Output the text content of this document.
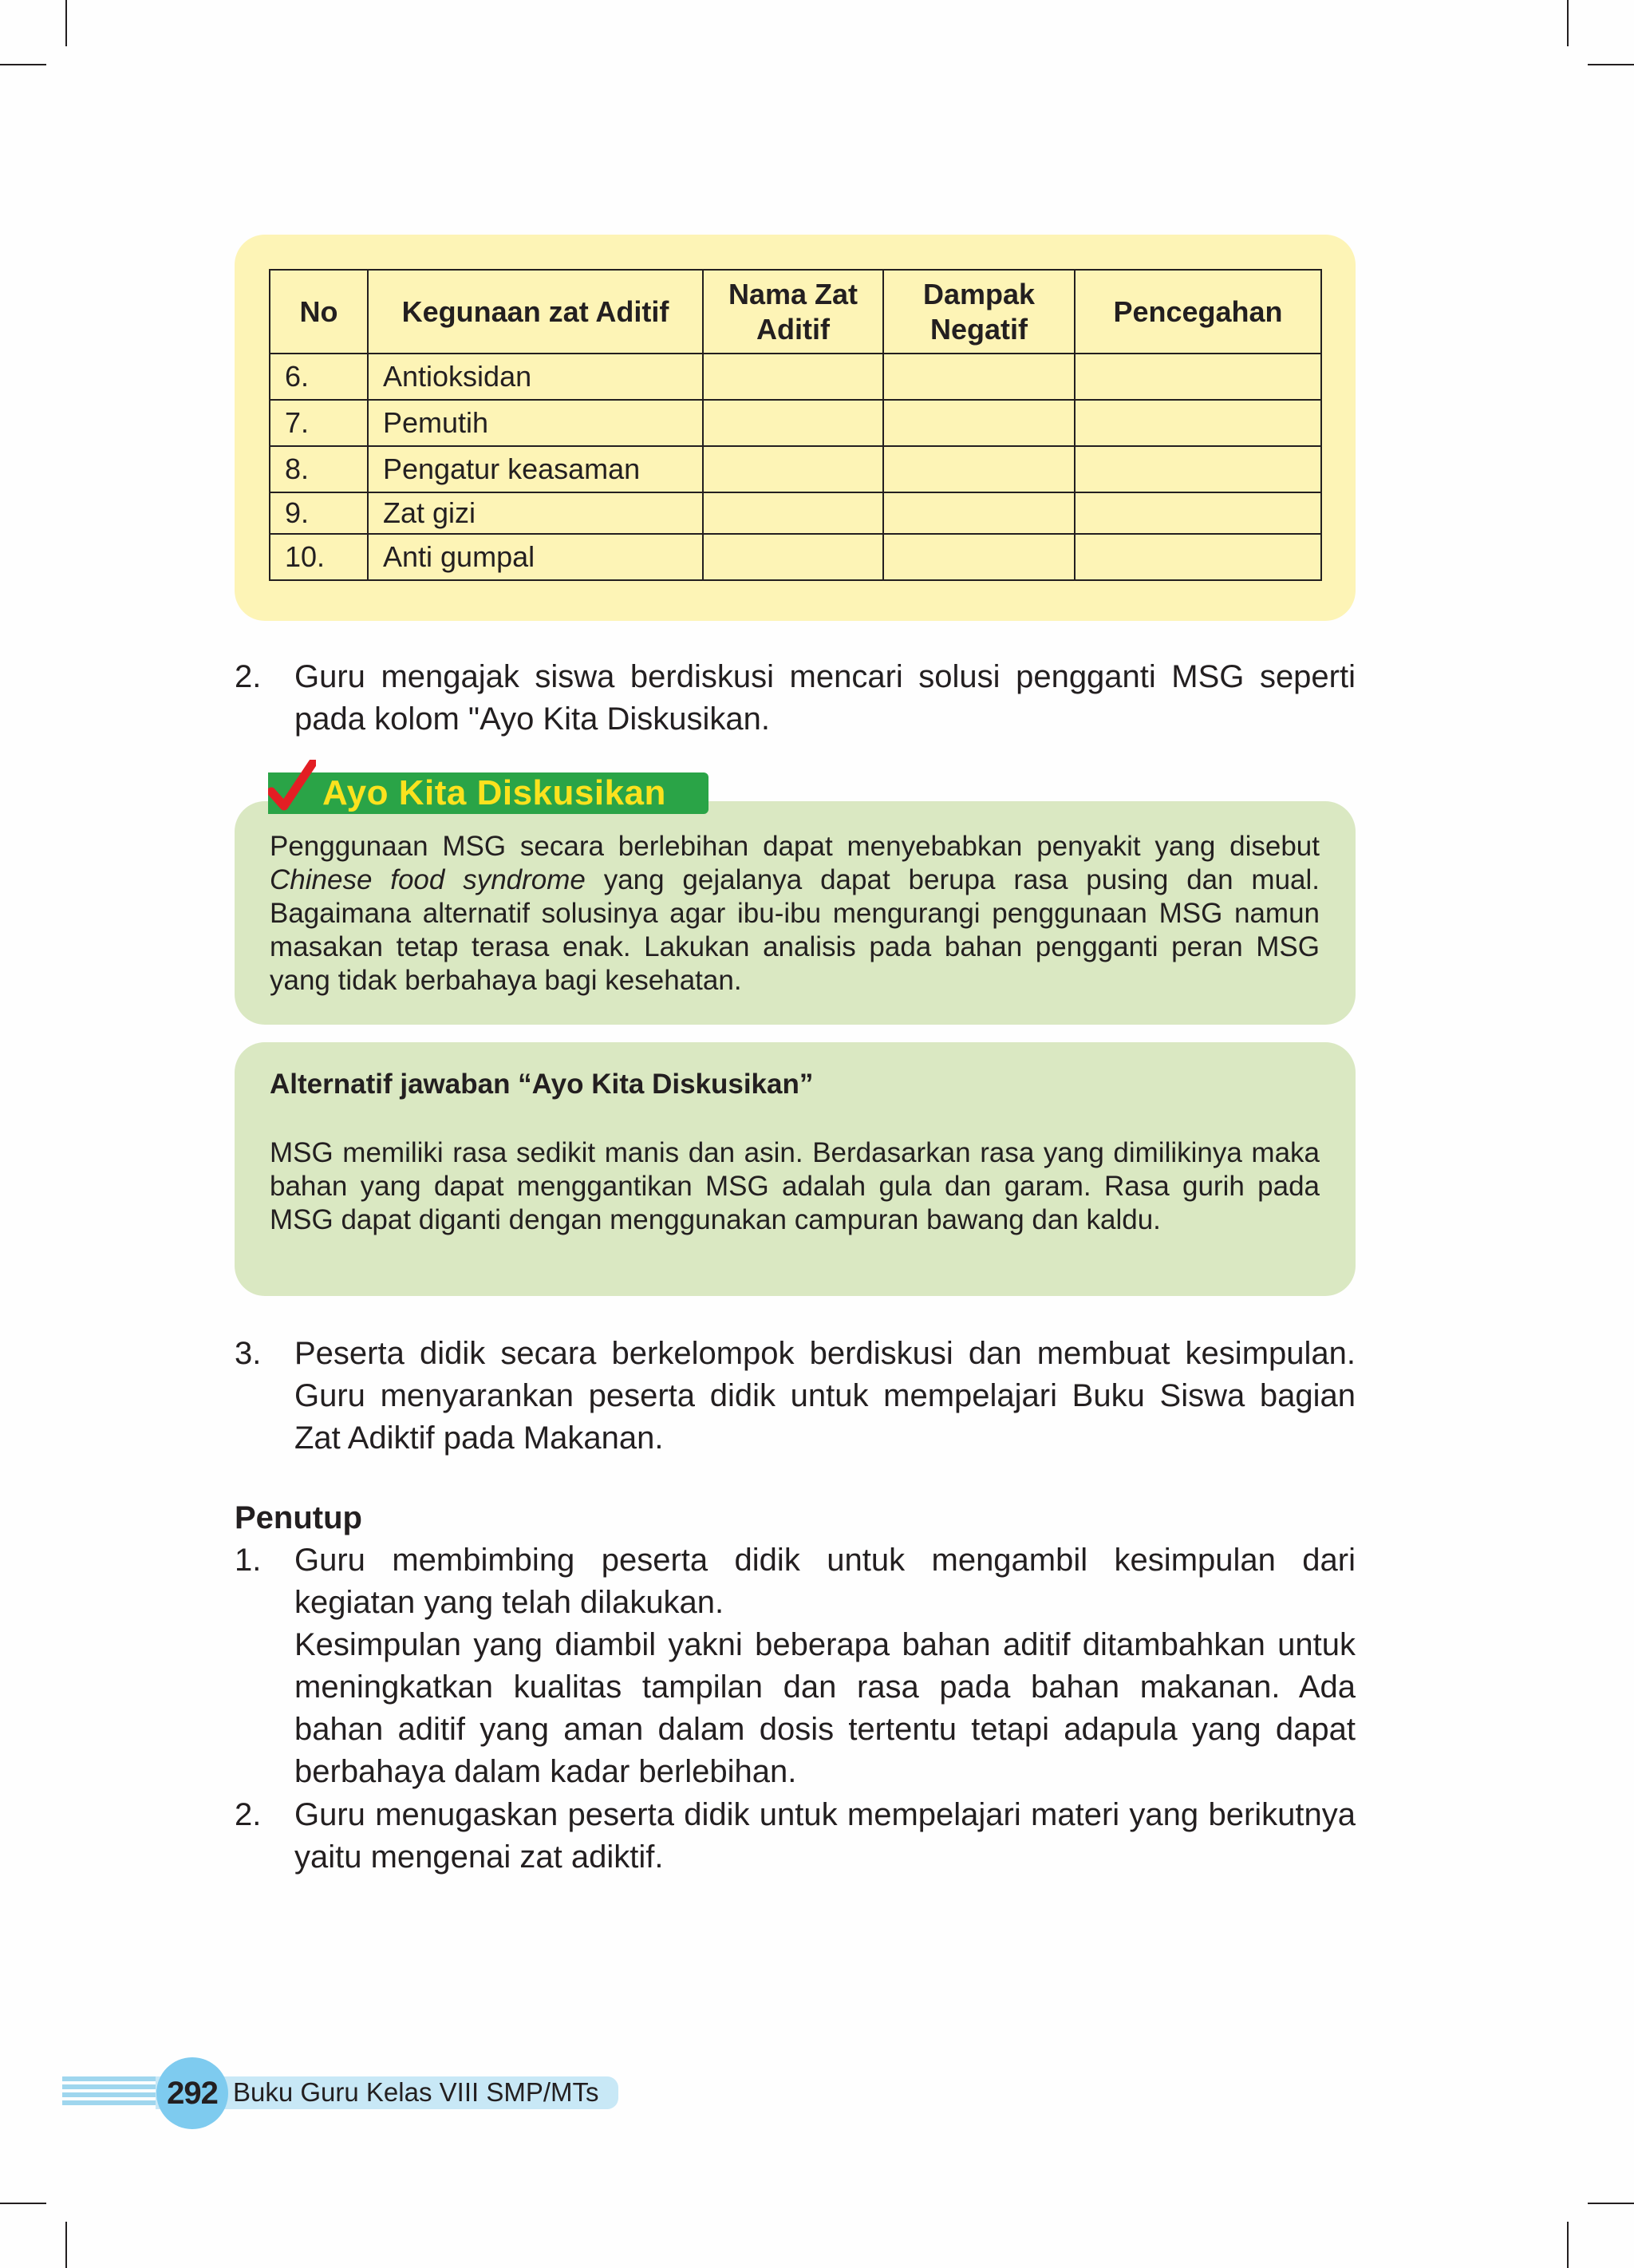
No	Kegunaan zat Aditif	Nama Zat Aditif	Dampak Negatif	Pencegahan
6.	Antioksidan			
7.	Pemutih			
8.	Pengatur keasaman			
9.	Zat gizi			
10.	Anti gumpal			
2. Guru mengajak siswa berdiskusi mencari solusi pengganti MSG seperti pada kolom "Ayo Kita Diskusikan.

Penggunaan MSG secara berlebihan dapat menyebabkan penyakit yang disebut Chinese food syndrome yang gejalanya dapat berupa rasa pusing dan mual. Bagaimana alternatif solusinya agar ibu-ibu mengurangi penggunaan MSG namun masakan tetap terasa enak. Lakukan analisis pada bahan pengganti peran MSG yang tidak berbahaya bagi kesehatan.
Ayo Kita Diskusikan
Alternatif jawaban “Ayo Kita Diskusikan”
MSG memiliki rasa sedikit manis dan asin. Berdasarkan rasa yang dimilikinya maka bahan yang dapat menggantikan MSG adalah gula dan garam. Rasa gurih pada MSG dapat diganti dengan menggunakan campuran bawang dan kaldu.
3. Peserta didik secara berkelompok berdiskusi dan membuat kesimpulan. Guru menyarankan peserta didik untuk mempelajari Buku Siswa bagian Zat Adiktif pada Makanan.

Penutup
1. Guru membimbing peserta didik untuk mengambil kesimpulan dari kegiatan yang telah dilakukan.

Kesimpulan yang diambil yakni beberapa bahan aditif ditambahkan untuk meningkatkan kualitas tampilan dan rasa pada bahan makanan. Ada bahan aditif yang aman dalam dosis tertentu tetapi adapula yang dapat berbahaya dalam kadar berlebihan.

2. Guru menugaskan peserta didik untuk mempelajari materi yang berikutnya yaitu mengenai zat adiktif.

292 Buku Guru Kelas VIII SMP/MTs
